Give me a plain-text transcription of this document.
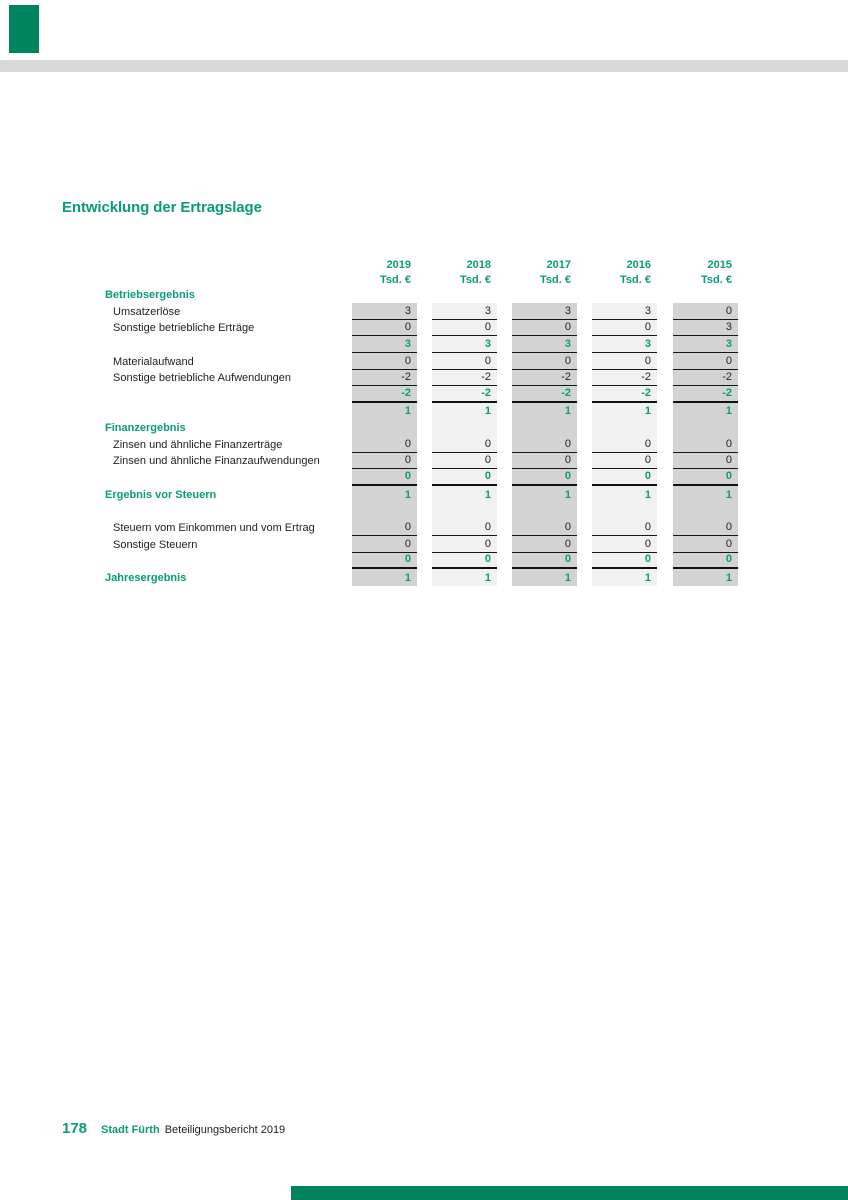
Entwicklung der Ertragslage
2019	2018	2017	2016	2015
Tsd. €	Tsd. €	Tsd. €	Tsd. €	Tsd. €
Betriebsergebnis
Umsatzerlöse	3	3	3	3	0
Sonstige betriebliche Erträge	0	0	0	0	3
3	3	3	3	3
Materialaufwand	0	0	0	0	0
Sonstige betriebliche Aufwendungen	-2	-2	-2	-2	-2
-2	-2	-2	-2	-2
1	1	1	1	1
Finanzergebnis
Zinsen und ähnliche Finanzerträge	0	0	0	0	0
Zinsen und ähnliche Finanzaufwendungen	0	0	0	0	0
0	0	0	0	0
Ergebnis vor Steuern	1	1	1	1	1
Steuern vom Einkommen und vom Ertrag	0	0	0	0	0
Sonstige Steuern	0	0	0	0	0
0	0	0	0	0
Jahresergebnis	1	1	1	1	1
178 Stadt Fürth Beteiligungsbericht 2019
